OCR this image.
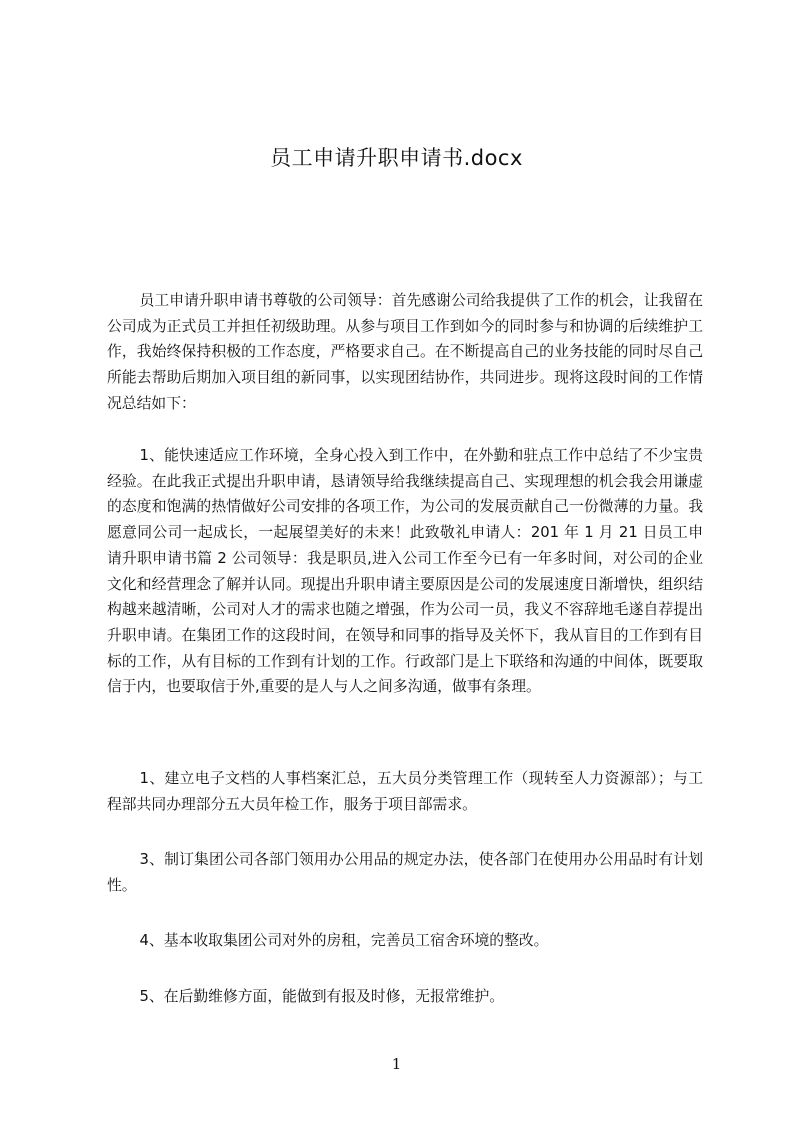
员工申请升职申请书.docx

员工申请升职申请书尊敬的公司领导：首先感谢公司给我提供了工作的机会，让我留在公司成为正式员工并担任初级助理。从参与项目工作到如今的同时参与和协调的后续维护工作，我始终保持积极的工作态度，严格要求自己。在不断提高自己的业务技能的同时尽自己所能去帮助后期加入项目组的新同事，以实现团结协作，共同进步。现将这段时间的工作情况总结如下：

1、能快速适应工作环境，全身心投入到工作中，在外勤和驻点工作中总结了不少宝贵经验。在此我正式提出升职申请，恳请领导给我继续提高自己、实现理想的机会我会用谦虚的态度和饱满的热情做好公司安排的各项工作，为公司的发展贡献自己一份微薄的力量。我愿意同公司一起成长，一起展望美好的未来！此致敬礼申请人：201 年 1 月 21 日员工申请升职申请书篇 2 公司领导：我是职员,进入公司工作至今已有一年多时间，对公司的企业文化和经营理念了解并认同。现提出升职申请主要原因是公司的发展速度日渐增快，组织结构越来越清晰，公司对人才的需求也随之增强，作为公司一员，我义不容辞地毛遂自荐提出升职申请。在集团工作的这段时间，在领导和同事的指导及关怀下，我从盲目的工作到有目标的工作，从有目标的工作到有计划的工作。行政部门是上下联络和沟通的中间体，既要取信于内，也要取信于外,重要的是人与人之间多沟通，做事有条理。

1、建立电子文档的人事档案汇总，五大员分类管理工作（现转至人力资源部）；与工程部共同办理部分五大员年检工作，服务于项目部需求。

3、制订集团公司各部门领用办公用品的规定办法，使各部门在使用办公用品时有计划性。

4、基本收取集团公司对外的房租，完善员工宿舍环境的整改。

5、在后勤维修方面，能做到有报及时修，无报常维护。

1
